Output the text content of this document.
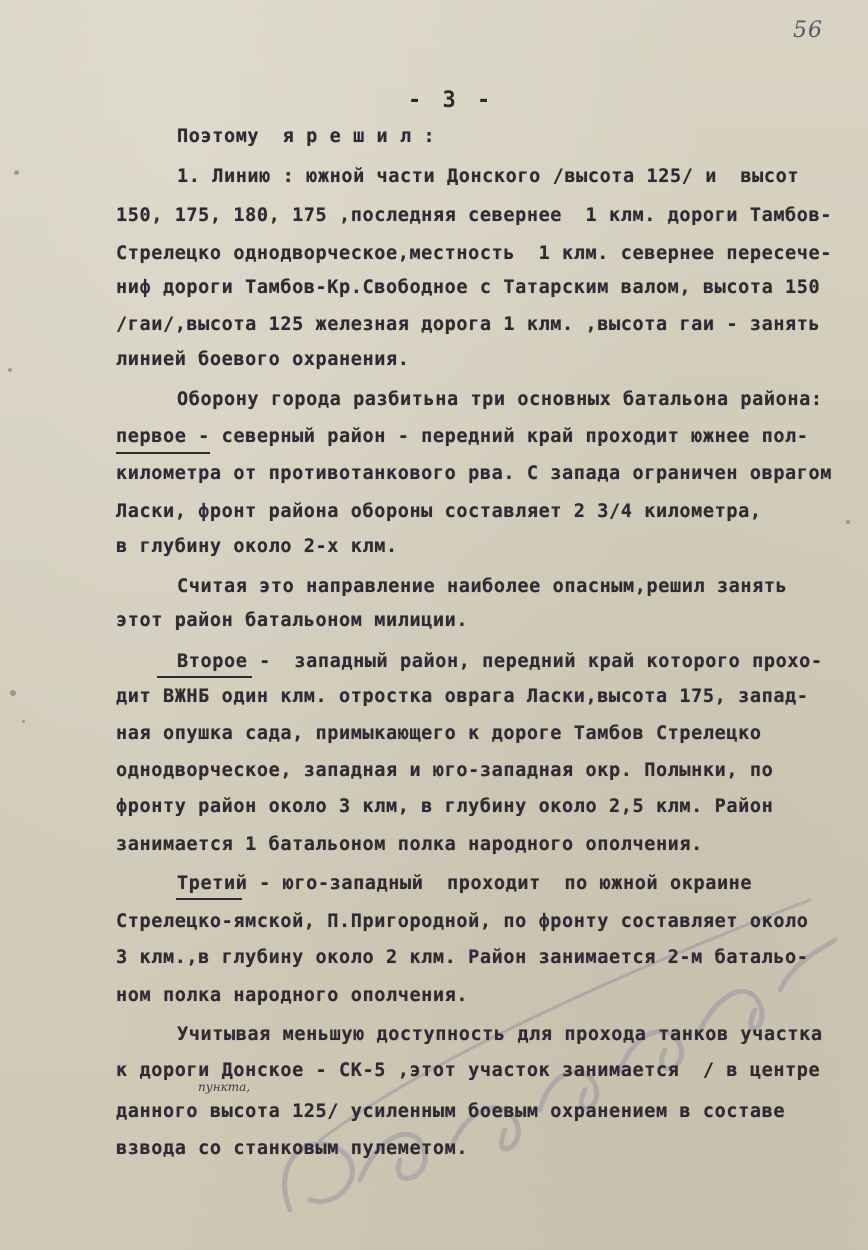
56
- 3 -
Поэтому  я р е ш и л :
1. Линию : южной части Донского /высота 125/ и  высот
150, 175, 180, 175 ,последняя севернее  1 клм. дороги Тамбов-
Стрелецко однодворческое,местность  1 клм. севернее пересече-
ниф дороги Тамбов-Кр.Свободное с Татарским валом, высота 150
/гаи/,высота 125 железная дорога 1 клм. ,высота гаи - занять
линией боевого охранения.
Оборону города разбитьна три основных батальона района:
первое - северный район - передний край проходит южнее пол-
километра от противотанкового рва. С запада ограничен оврагом
Ласки, фронт района обороны составляет 2 3/4 километра,
в глубину около 2-х клм.
Считая это направление наиболее опасным,решил занять
этот район батальоном милиции.
Второе -  западный район, передний край которого прохо-
дит ВЖНБ один клм. отростка оврага Ласки,высота 175, запад-
ная опушка сада, примыкающего к дороге Тамбов Стрелецко
однодворческое, западная и юго-западная окр. Полынки, по
фронту район около 3 клм, в глубину около 2,5 клм. Район
занимается 1 батальоном полка народного ополчения.
Третий - юго-западный  проходит  по южной окраине
Стрелецко-ямской, П.Пригородной, по фронту составляет около
3 клм.,в глубину около 2 клм. Район занимается 2-м батальо-
ном полка народного ополчения.
Учитывая меньшую доступность для прохода танков участка
к дороги Донское - СК-5 ,этот участок занимается  / в центре
пункта,
данного высота 125/ усиленным боевым охранением в составе
взвода со станковым пулеметом.
